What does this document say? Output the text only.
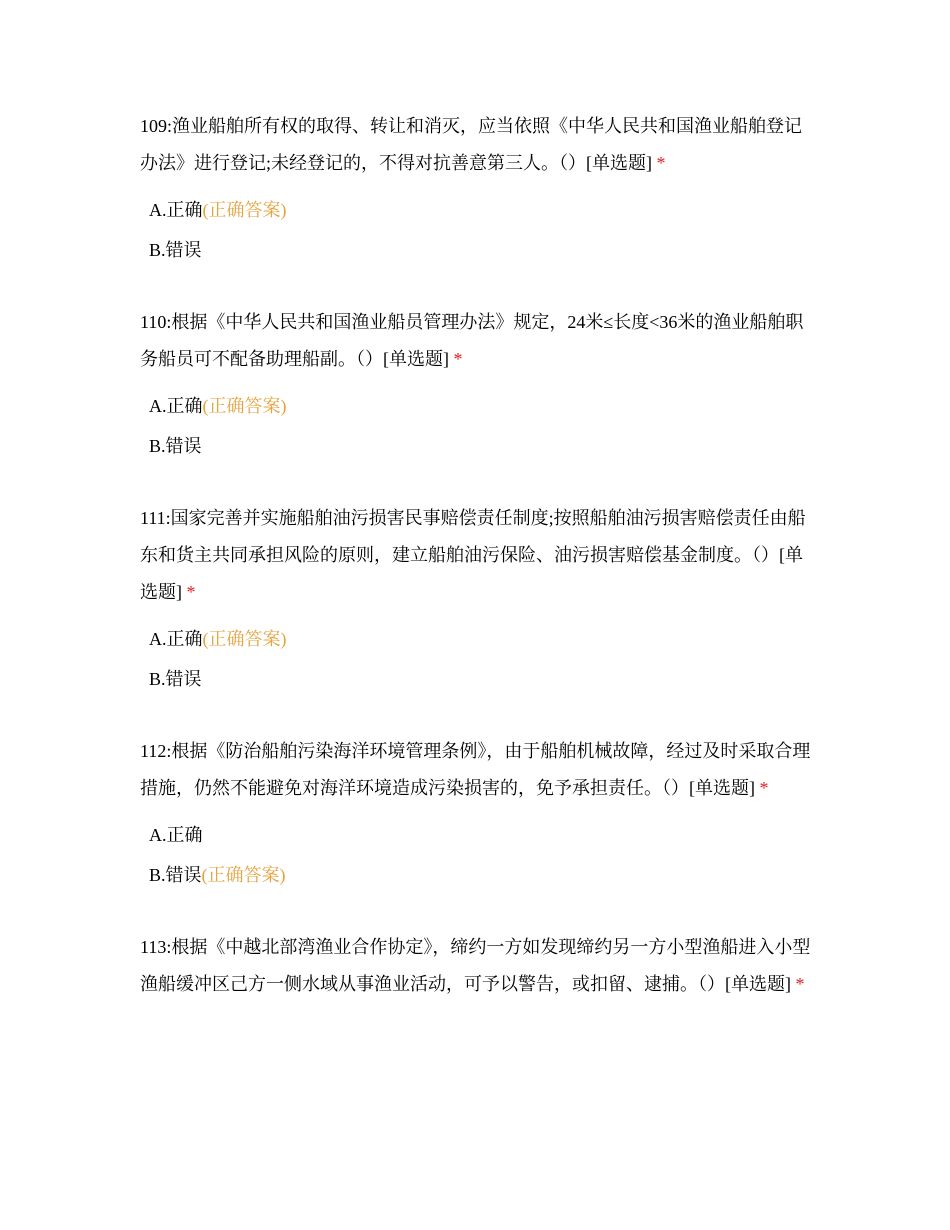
109:渔业船舶所有权的取得、转让和消灭，应当依照《中华人民共和国渔业船舶登记办法》进行登记;未经登记的，不得对抗善意第三人。（）[单选题] *

A.正确(正确答案)
B.错误

110:根据《中华人民共和国渔业船员管理办法》规定，24米≤长度<36米的渔业船舶职务船员可不配备助理船副。（）[单选题] *

A.正确(正确答案)
B.错误

111:国家完善并实施船舶油污损害民事赔偿责任制度;按照船舶油污损害赔偿责任由船东和货主共同承担风险的原则，建立船舶油污保险、油污损害赔偿基金制度。（）[单选题] *

A.正确(正确答案)
B.错误

112:根据《防治船舶污染海洋环境管理条例》，由于船舶机械故障，经过及时采取合理措施，仍然不能避免对海洋环境造成污染损害的，免予承担责任。（）[单选题] *

A.正确
B.错误(正确答案)

113:根据《中越北部湾渔业合作协定》，缔约一方如发现缔约另一方小型渔船进入小型渔船缓冲区己方一侧水域从事渔业活动，可予以警告，或扣留、逮捕。（）[单选题] *
